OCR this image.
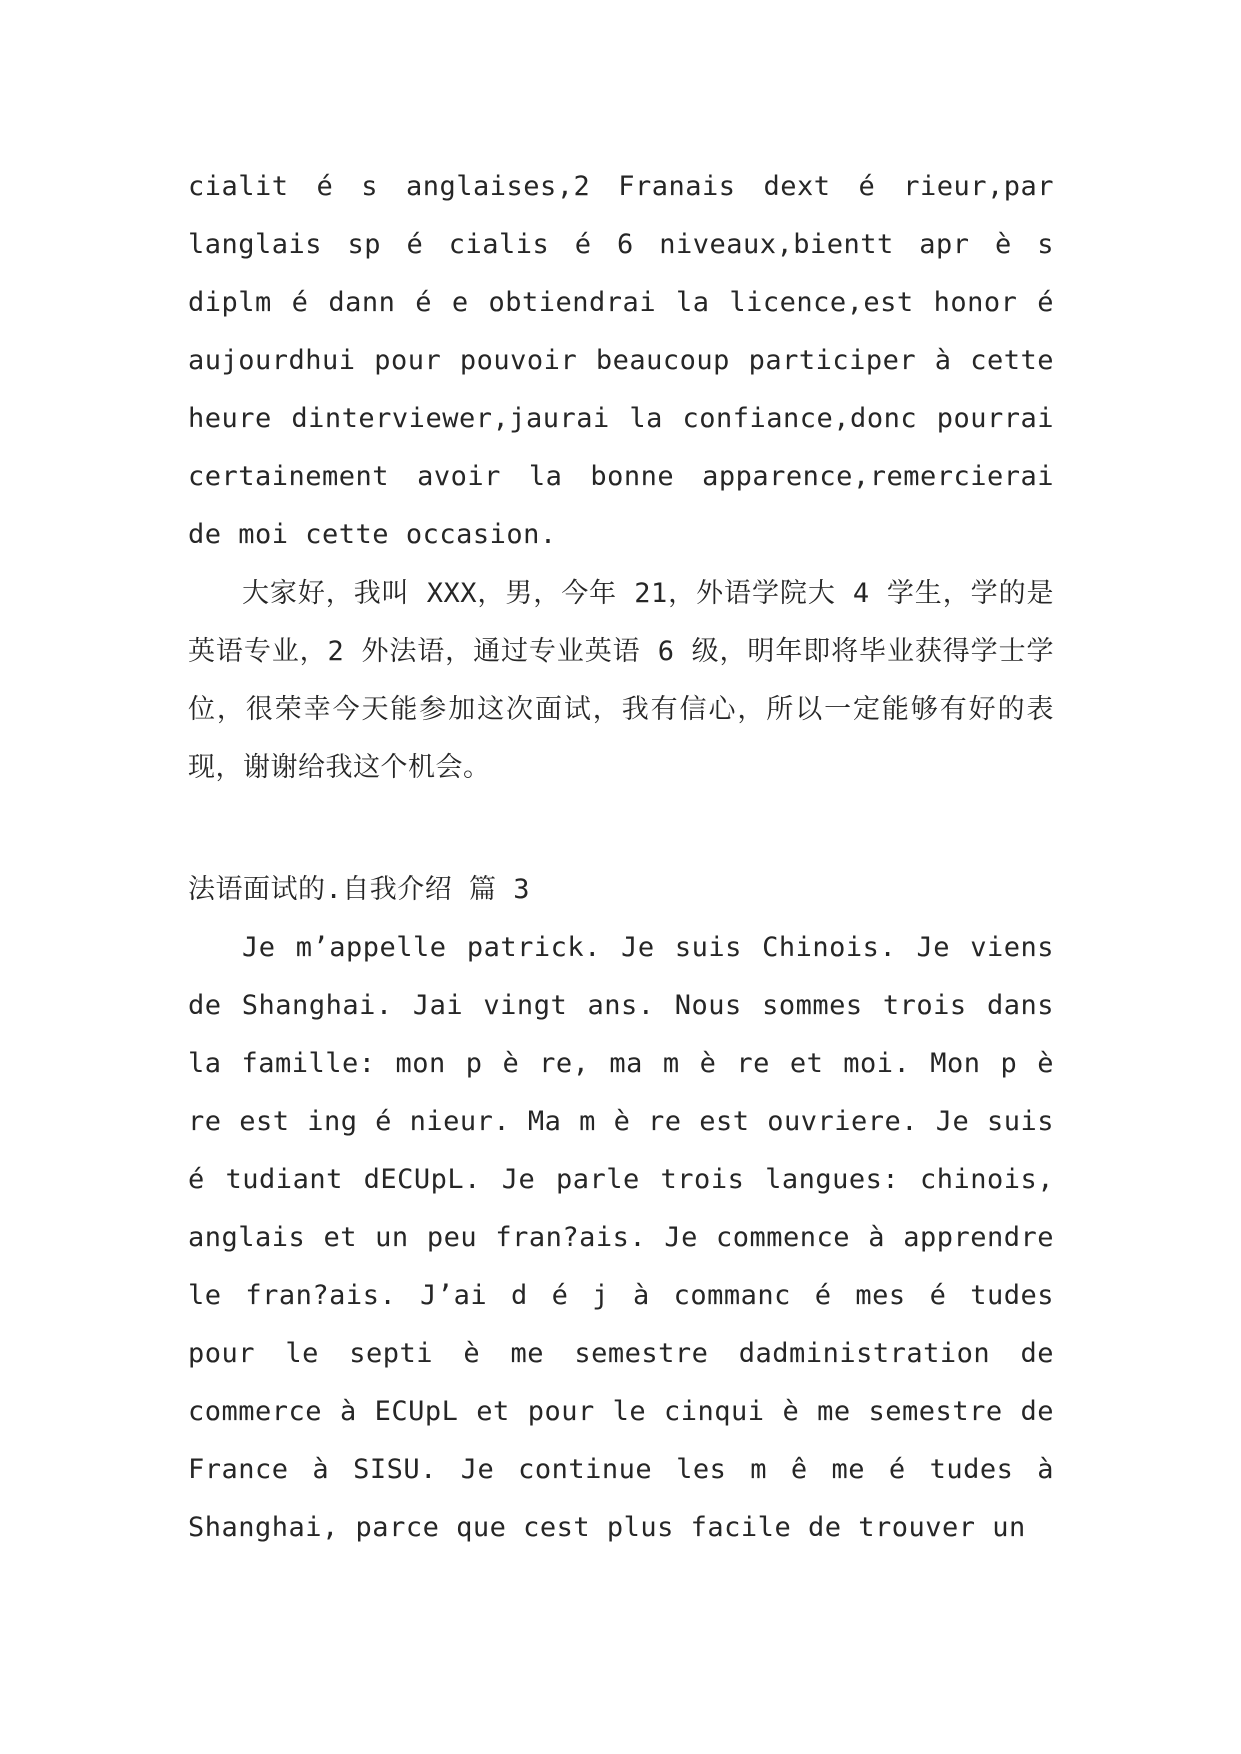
cialit é s anglaises,2 Franais dext é rieur,par langlais sp é cialis é 6 niveaux,bientt apr è s diplm é dann é e obtiendrai la licence,est honor é aujourdhui pour pouvoir beaucoup participer à cette heure dinterviewer,jaurai la confiance,donc pourrai certainement avoir la bonne apparence,remercierai de moi cette occasion.

大家好，我叫 XXX，男，今年 21，外语学院大 4 学生，学的是英语专业，2 外法语，通过专业英语 6 级，明年即将毕业获得学士学位，很荣幸今天能参加这次面试，我有信心，所以一定能够有好的表现，谢谢给我这个机会。

法语面试的.自我介绍 篇 3

Je m’appelle patrick. Je suis Chinois. Je viens de Shanghai. Jai vingt ans. Nous sommes trois dans la famille: mon p è re, ma m è re et moi. Mon p è re est ing é nieur. Ma m è re est ouvriere. Je suis é tudiant dECUpL. Je parle trois langues: chinois, anglais et un peu fran?ais. Je commence à apprendre le fran?ais. J’ai d é j à commanc é mes é tudes pour le septi è me semestre dadministration de commerce à ECUpL et pour le cinqui è me semestre de France à SISU. Je continue les m ê me é tudes à Shanghai, parce que cest plus facile de trouver un
